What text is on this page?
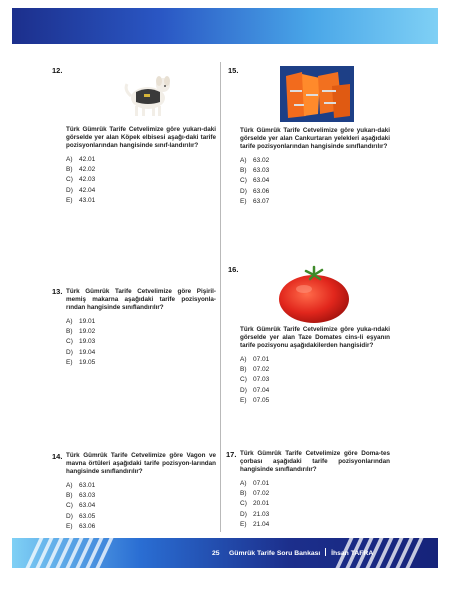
12.

Türk Gümrük Tarife Cetvelimize göre yukarı-daki görselde yer alan Köpek elbisesi aşağı-daki tarife pozisyonlarından hangisinde sınıf-landırılır?

A)	42.01
B)	42.02
C) 42.03
D) 42.04
E)	43.01
13. Türk Gümrük Tarife Cetvelimize göre Pişiril-memiş makarna aşağıdaki tarife pozisyonla-rından hangisinde sınıflandırılır?

A)	19.01
B)	19.02
C) 19.03
D) 19.04
E)	19.05
14. Türk Gümrük Tarife Cetvelimize göre Vagon ve mavna örtüleri aşağıdaki tarife pozisyon-larından hangisinde sınıflandırılır?

A)	63.01
B)	63.03
C) 63.04
D) 63.05
E)	63.06
15.

Türk Gümrük Tarife Cetvelimize göre yukarı-daki görselde yer alan Cankurtaran yelekleri aşağıdaki tarife pozisyonlarından hangisinde sınıflandırılır?

A)	63.02
B)	63.03
C) 63.04
D) 63.06
E)	63.07
16.

Türk Gümrük Tarife Cetvelimize göre yuka-rıdaki görselde yer alan Taze Domates cins-li eşyanın tarife pozisyonu aşağıdakilerden hangisidir?

A)	07.01
B)	07.02
C) 07.03
D) 07.04
E)	07.05
17. Türk Gümrük Tarife Cetvelimize göre Doma-tes çorbası aşağıdaki tarife pozisyonlarından hangisinde sınıflandırılır?

A)	07.01
B)	07.02
C) 20.01
D) 21.03
E)	21.04
25 Gümrük Tarife Soru Bankası İhsan TAFRA
